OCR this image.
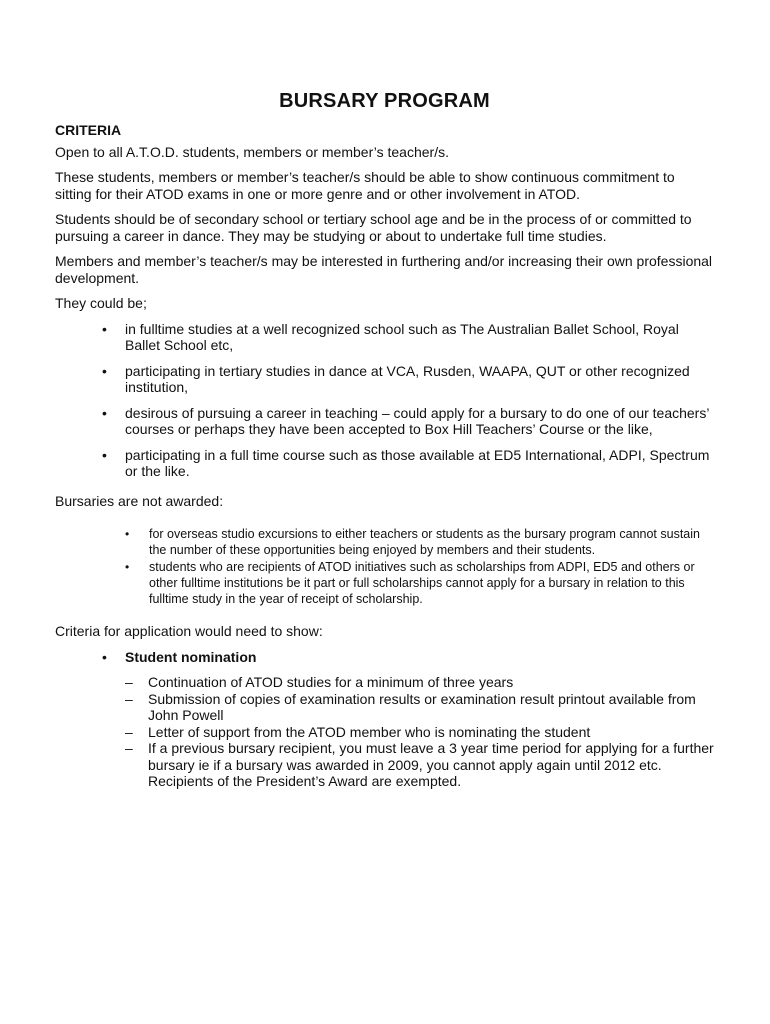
BURSARY PROGRAM
CRITERIA

Open to all A.T.O.D. students, members or member’s teacher/s.

These students, members or member’s teacher/s should be able to show continuous commitment to sitting for their ATOD exams in one or more genre and or other involvement in ATOD.

Students should be of secondary school or tertiary school age and be in the process of or committed to pursuing a career in dance. They may be studying or about to undertake full time studies.

Members and member’s teacher/s may be interested in furthering and/or increasing their own professional development.

They could be;

• in fulltime studies at a well recognized school such as The Australian Ballet School, Royal Ballet School etc,
• participating in tertiary studies in dance at VCA, Rusden, WAAPA, QUT or other recognized institution,
• desirous of pursuing a career in teaching – could apply for a bursary to do one of our teachers’ courses or perhaps they have been accepted to Box Hill Teachers’ Course or the like,
• participating in a full time course such as those available at ED5 International, ADPI, Spectrum or the like.

Bursaries are not awarded:

• for overseas studio excursions to either teachers or students as the bursary program cannot sustain the number of these opportunities being enjoyed by members and their students.
• students who are recipients of ATOD initiatives such as scholarships from ADPI, ED5 and others or other fulltime institutions be it part or full scholarships cannot apply for a bursary in relation to this fulltime study in the year of receipt of scholarship.

Criteria for application would need to show:

• Student nomination
– Continuation of ATOD studies for a minimum of three years
– Submission of copies of examination results or examination result printout available from John Powell
– Letter of support from the ATOD member who is nominating the student
– If a previous bursary recipient, you must leave a 3 year time period for applying for a further bursary ie if a bursary was awarded in 2009, you cannot apply again until 2012 etc. Recipients of the President’s Award are exempted.
